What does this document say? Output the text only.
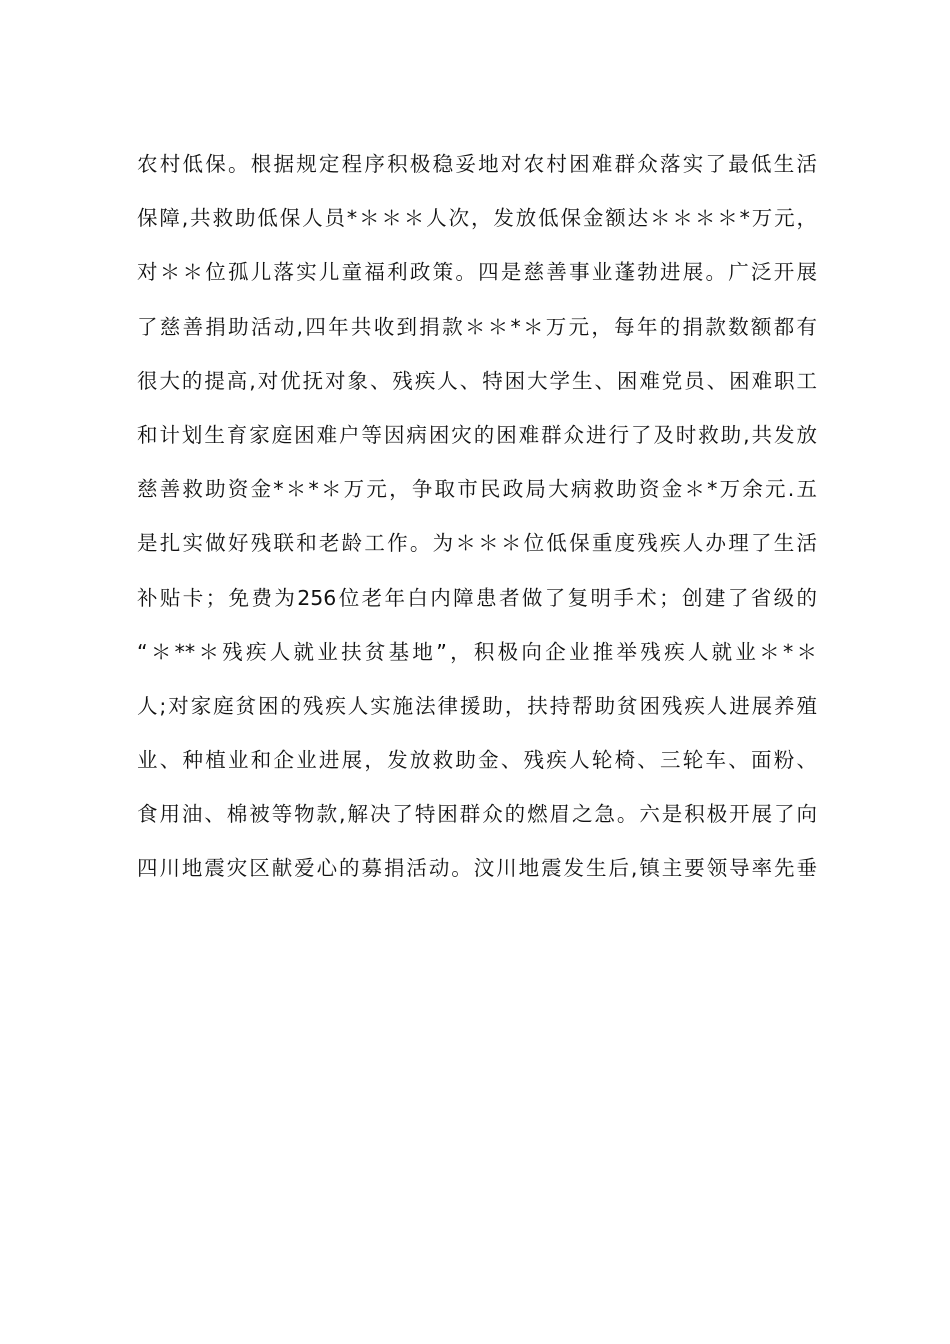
农村低保。根据规定程序积极稳妥地对农村困难群众落实了最低生活
保障,共救助低保人员*＊＊＊人次，发放低保金额达＊＊＊＊*万元，
对＊＊位孤儿落实儿童福利政策。四是慈善事业蓬勃进展。广泛开展
了慈善捐助活动,四年共收到捐款＊＊*＊万元，每年的捐款数额都有
很大的提高,对优抚对象、残疾人、特困大学生、困难党员、困难职工
和计划生育家庭困难户等因病困灾的困难群众进行了及时救助,共发放
慈善救助资金*＊*＊万元，争取市民政局大病救助资金＊*万余元.五
是扎实做好残联和老龄工作。为＊＊＊位低保重度残疾人办理了生活
补贴卡；免费为256位老年白内障患者做了复明手术；创建了省级的
“＊**＊残疾人就业扶贫基地”，积极向企业推举残疾人就业＊*＊
人;对家庭贫困的残疾人实施法律援助，扶持帮助贫困残疾人进展养殖
业、种植业和企业进展，发放救助金、残疾人轮椅、三轮车、面粉、
食用油、棉被等物款,解决了特困群众的燃眉之急。六是积极开展了向
四川地震灾区献爱心的募捐活动。汶川地震发生后,镇主要领导率先垂
